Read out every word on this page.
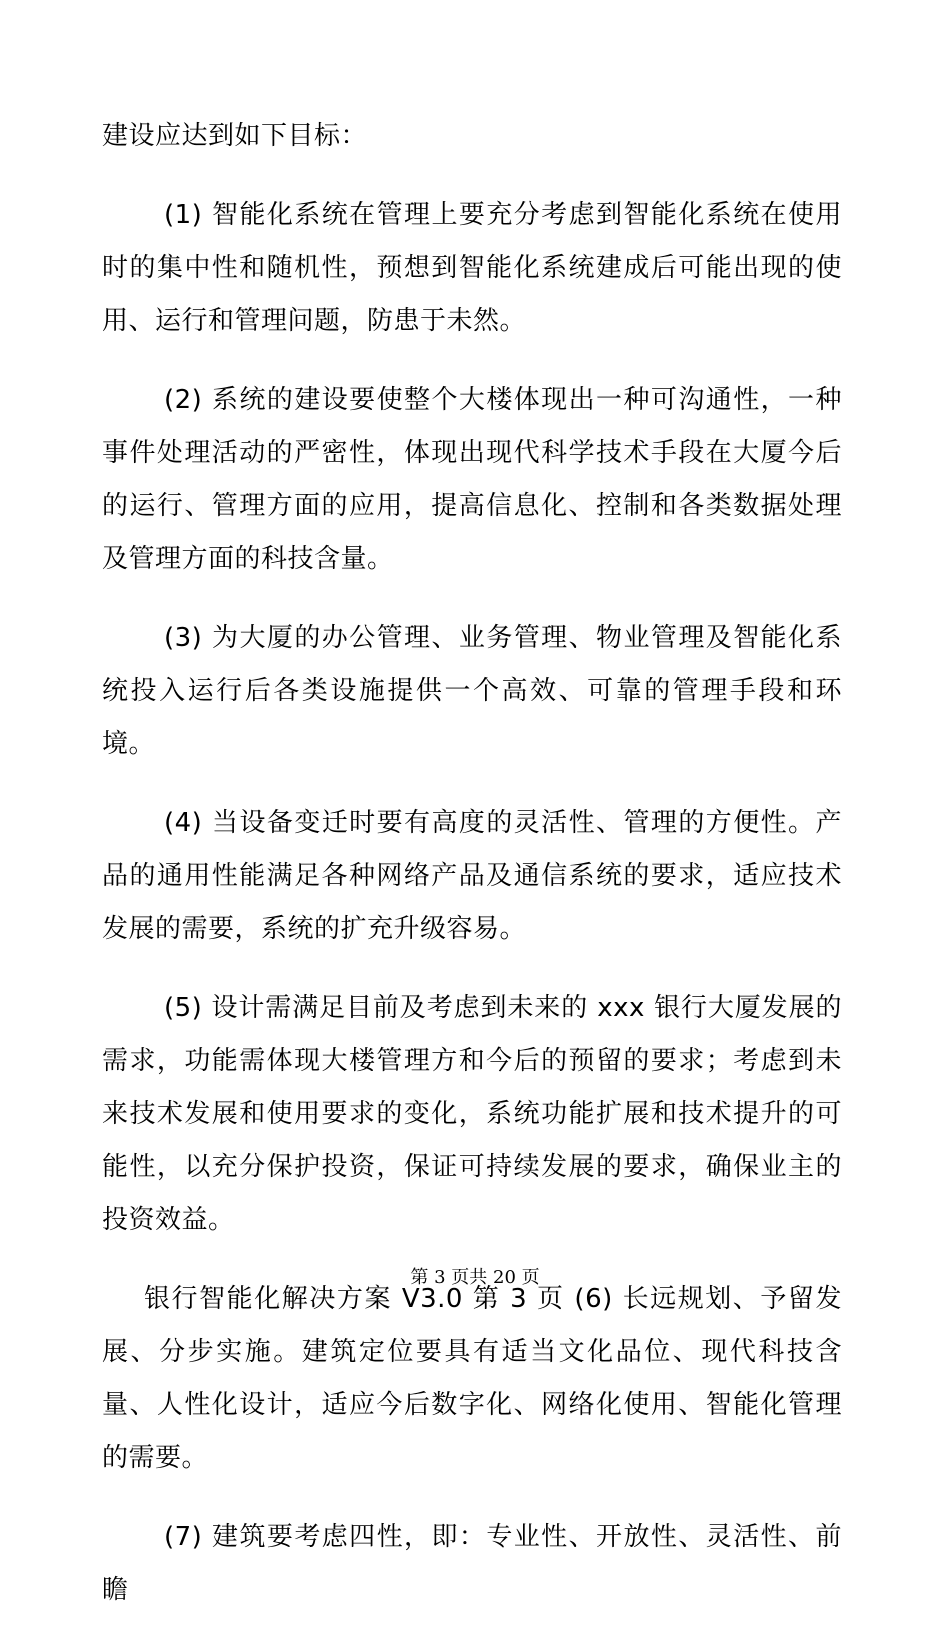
建设应达到如下目标：

(1) 智能化系统在管理上要充分考虑到智能化系统在使用时的集中性和随机性，预想到智能化系统建成后可能出现的使用、运行和管理问题，防患于未然。

(2) 系统的建设要使整个大楼体现出一种可沟通性，一种事件处理活动的严密性，体现出现代科学技术手段在大厦今后的运行、管理方面的应用，提高信息化、控制和各类数据处理及管理方面的科技含量。

(3) 为大厦的办公管理、业务管理、物业管理及智能化系统投入运行后各类设施提供一个高效、可靠的管理手段和环境。

(4) 当设备变迁时要有高度的灵活性、管理的方便性。产品的通用性能满足各种网络产品及通信系统的要求，适应技术发展的需要，系统的扩充升级容易。

(5) 设计需满足目前及考虑到未来的 xxx 银行大厦发展的需求，功能需体现大楼管理方和今后的预留的要求；考虑到未来技术发展和使用要求的变化，系统功能扩展和技术提升的可能性，以充分保护投资，保证可持续发展的要求，确保业主的投资效益。

银行智能化解决方案 V3.0 第 3 页 (6) 长远规划、予留发展、分步实施。建筑定位要具有适当文化品位、现代科技含量、人性化设计，适应今后数字化、网络化使用、智能化管理的需要。

(7) 建筑要考虑四性，即：专业性、开放性、灵活性、前瞻

第 3 页共 20 页
